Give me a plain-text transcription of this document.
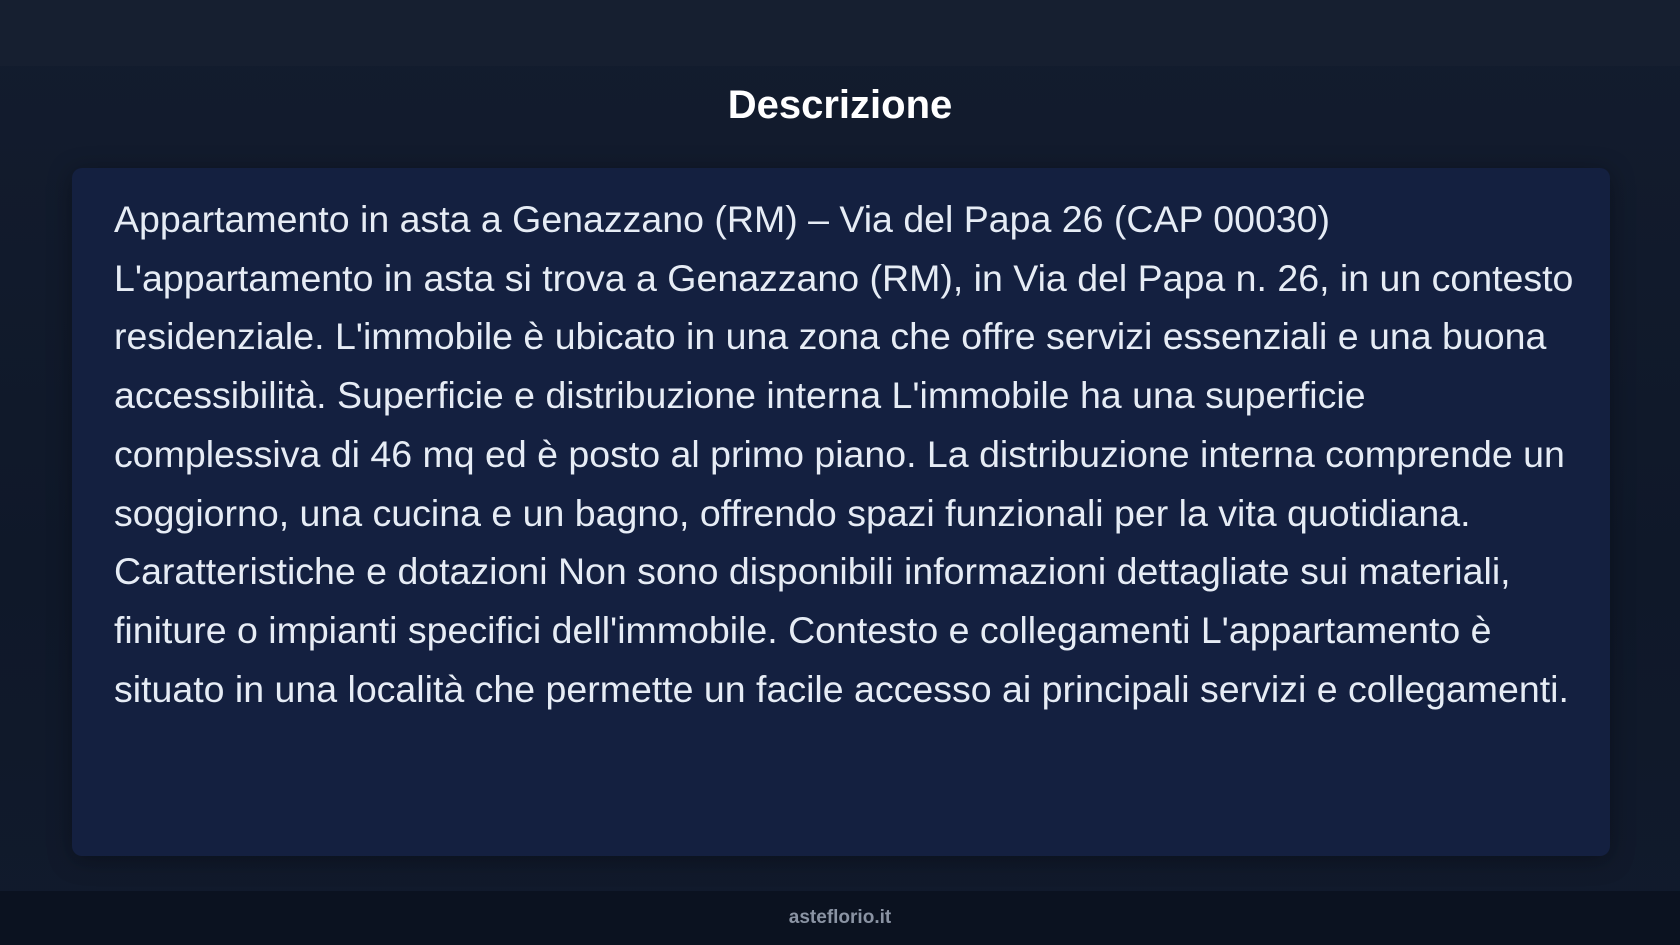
Descrizione

Appartamento in asta a Genazzano (RM) – Via del Papa 26 (CAP 00030) L'appartamento in asta si trova a Genazzano (RM), in Via del Papa n. 26, in un contesto residenziale. L'immobile è ubicato in una zona che offre servizi essenziali e una buona accessibilità. Superficie e distribuzione interna L'immobile ha una superficie complessiva di 46 mq ed è posto al primo piano. La distribuzione interna comprende un soggiorno, una cucina e un bagno, offrendo spazi funzionali per la vita quotidiana. Caratteristiche e dotazioni Non sono disponibili informazioni dettagliate sui materiali, finiture o impianti specifici dell'immobile. Contesto e collegamenti L'appartamento è situato in una località che permette un facile accesso ai principali servizi e collegamenti.

asteflorio.it
